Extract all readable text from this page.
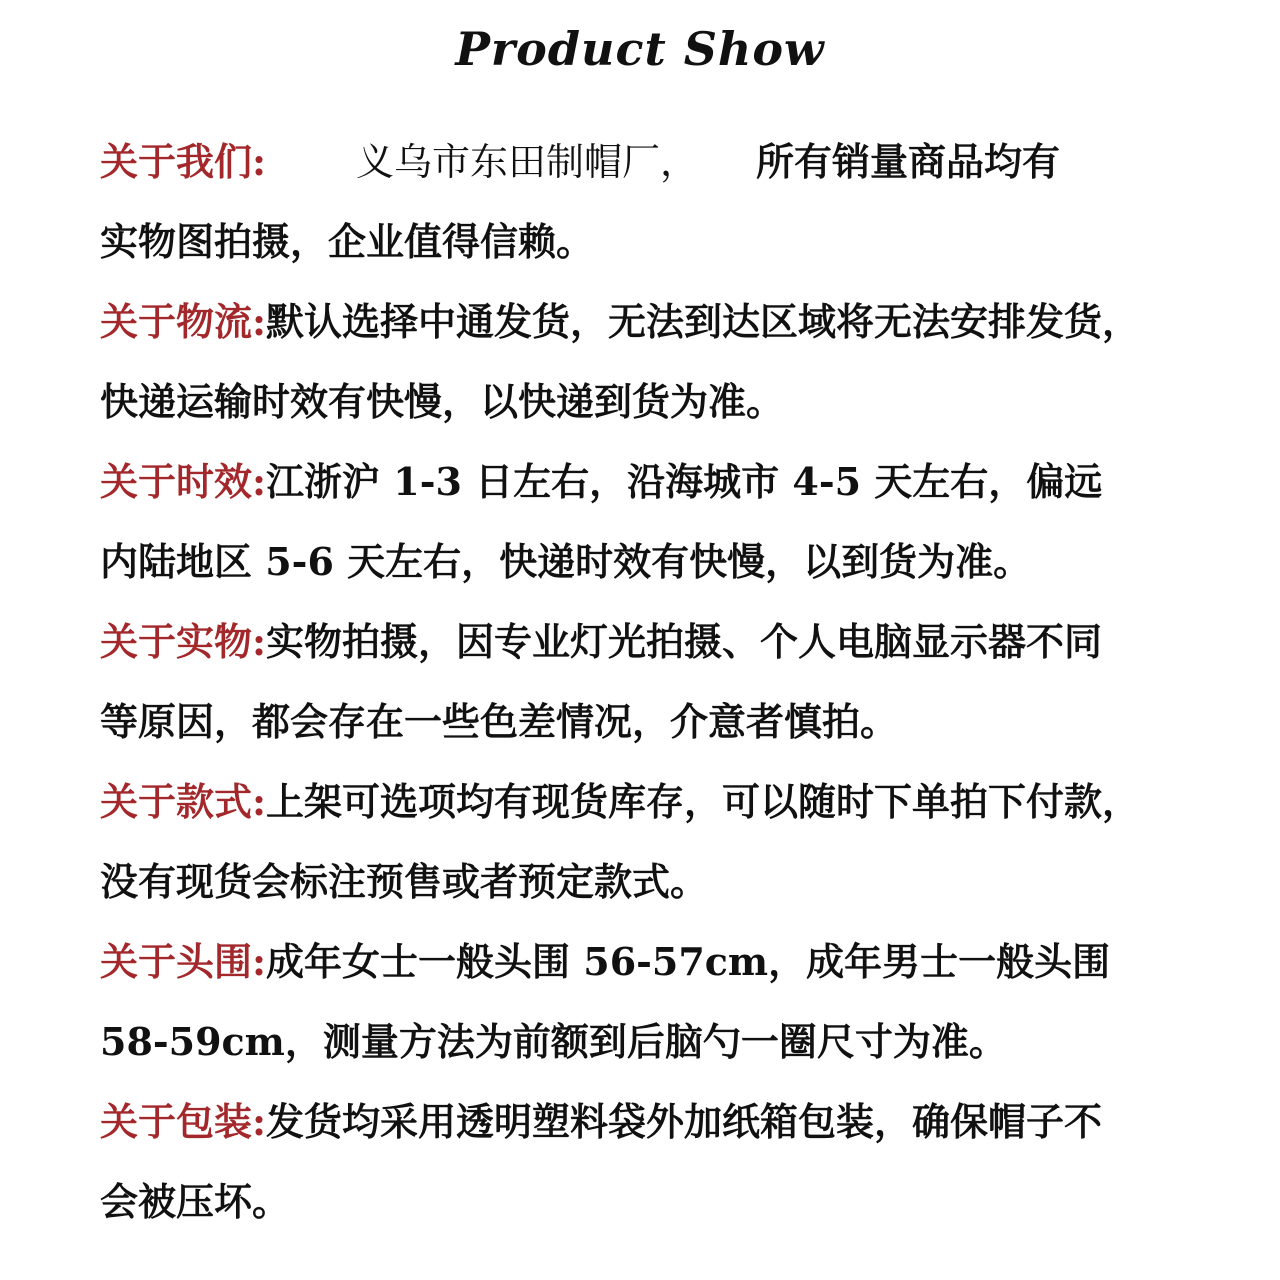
Product Show
关于我们: 义乌市东田制帽厂， 所有销量商品均有
实物图拍摄，企业值得信赖。
关于物流:默认选择中通发货，无法到达区域将无法安排发货，
快递运输时效有快慢，以快递到货为准。
关于时效:江浙沪 1-3 日左右，沿海城市 4-5 天左右，偏远
内陆地区 5-6 天左右，快递时效有快慢，以到货为准。
关于实物:实物拍摄，因专业灯光拍摄、个人电脑显示器不同
等原因，都会存在一些色差情况，介意者慎拍。
关于款式:上架可选项均有现货库存，可以随时下单拍下付款，
没有现货会标注预售或者预定款式。
关于头围:成年女士一般头围 56-57cm，成年男士一般头围
58-59cm，测量方法为前额到后脑勺一圈尺寸为准。
关于包装:发货均采用透明塑料袋外加纸箱包装，确保帽子不
会被压坏。
